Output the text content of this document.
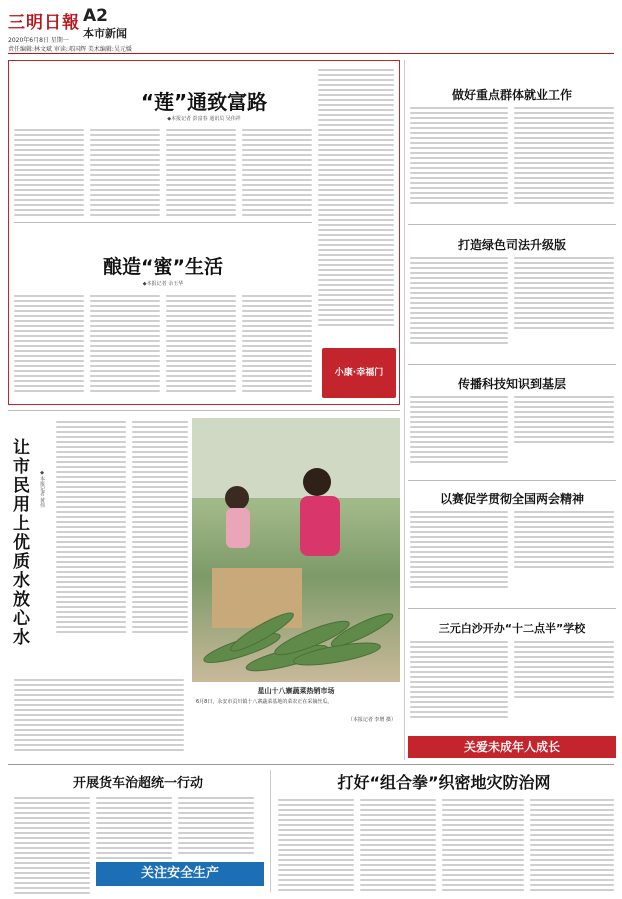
三明日報 A2
本市新闻
2020年6月8日 星期一
责任编辑:林文斌 审读:邓国辉 美术编辑:吴元媛
“莲”通致富路
◆本报记者 彭富春 通讯员 吴伟祥
酿造“蜜”生活
◆本报记者 余玉华
小康·幸福门
做好重点群体就业工作
打造绿色司法升级版
传播科技知识到基层
以赛促学贯彻全国两会精神
三元白沙开办“十二点半”学校
关爱未成年人成长
让市民用上优质水放心水	◆本报记者 黄伟
星山十八寨蔬菜热销市场
6月8日，永安市贡川镇十八寨蔬菜基地的菜农正在采摘丝瓜。
（本报记者 李增 摄）
开展货车治超统一行动
关注安全生产
打好“组合拳”织密地灾防治网
